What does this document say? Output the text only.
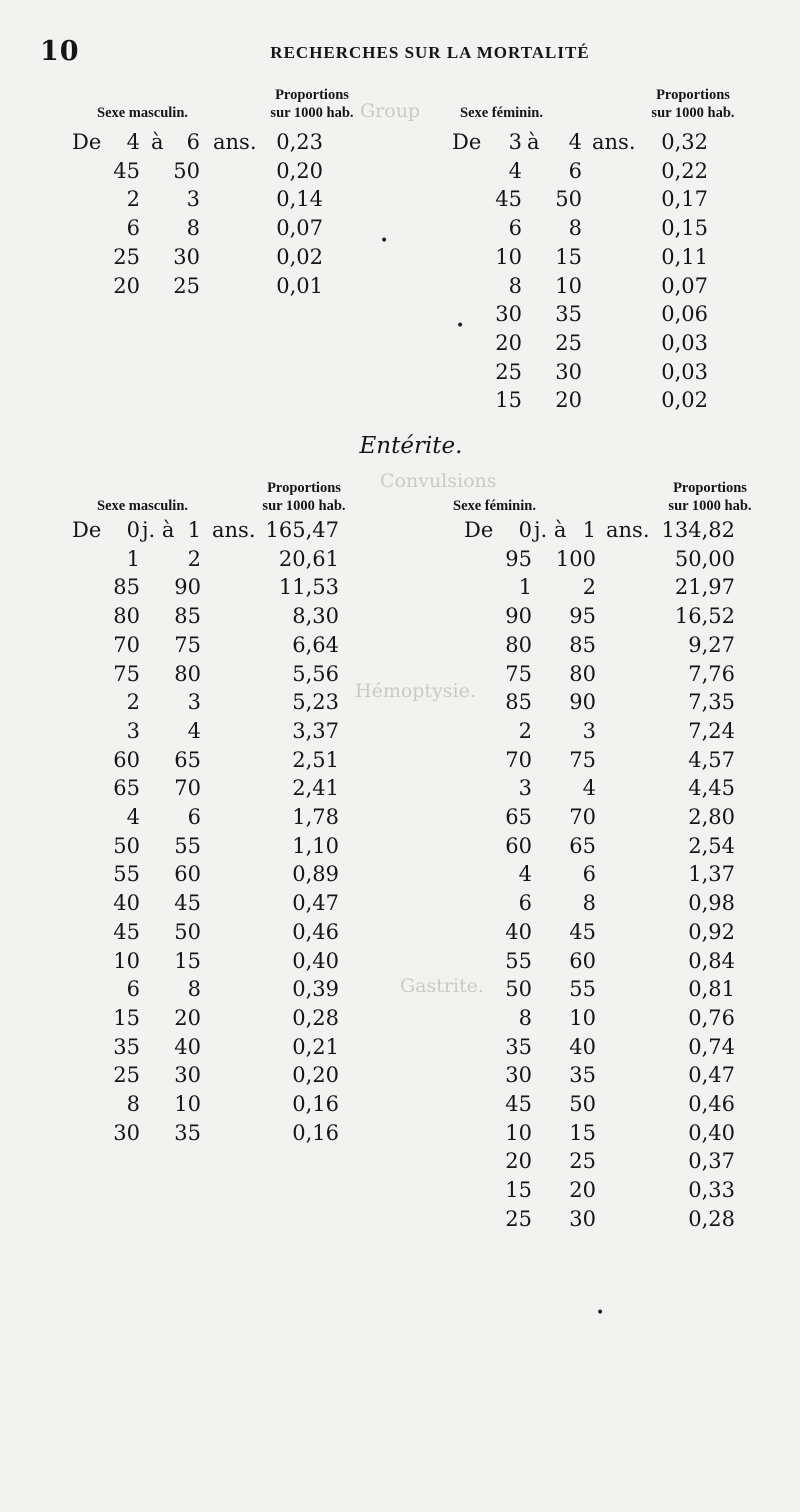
10	RECHERCHES SUR LA MORTALITÉ
Group
Convulsions
Gastrite.
Hémoptysie.
Sexe masculin.
Proportions
sur 1000 hab.	Sexe féminin.
Proportions
sur 1000 hab.
De 4 à 6 ans. 0,23
45 50	0,20
2 3	0,14
6 8	0,07
25 30	0,02
20 25	0,01
De 3 à 4 ans. 0,32
4 6	0,22
45 50	0,17
6 8	0,15
10 15	0,11
8 10	0,07
30 35	0,06
20 25	0,03
25 30	0,03
15 20	0,02
Entérite.
Sexe masculin.
Proportions
sur 1000 hab.	Sexe féminin.
Proportions
sur 1000 hab.
De 0 j. à 1 ans. 165,47
1 2	20,61
85 90	11,53
80 85	8,30
70 75	6,64
75 80	5,56
2 3	5,23
3 4	3,37
60 65	2,51
65 70	2,41
4 6	1,78
50 55	1,10
55 60	0,89
40 45	0,47
45 50	0,46
10 15	0,40
6 8	0,39
15 20	0,28
35 40	0,21
25 30	0,20
8 10	0,16
30 35	0,16
De 0 j. à 1 ans. 134,82
95 100	50,00
1 2	21,97
90 95	16,52
80 85	9,27
75 80	7,76
85 90	7,35
2 3	7,24
70 75	4,57
3 4	4,45
65 70	2,80
60 65	2,54
4 6	1,37
6 8	0,98
40 45	0,92
55 60	0,84
50 55	0,81
8 10	0,76
35 40	0,74
30 35	0,47
45 50	0,46
10 15	0,40
20 25	0,37
15 20	0,33
25 30	0,28
•
•
•
